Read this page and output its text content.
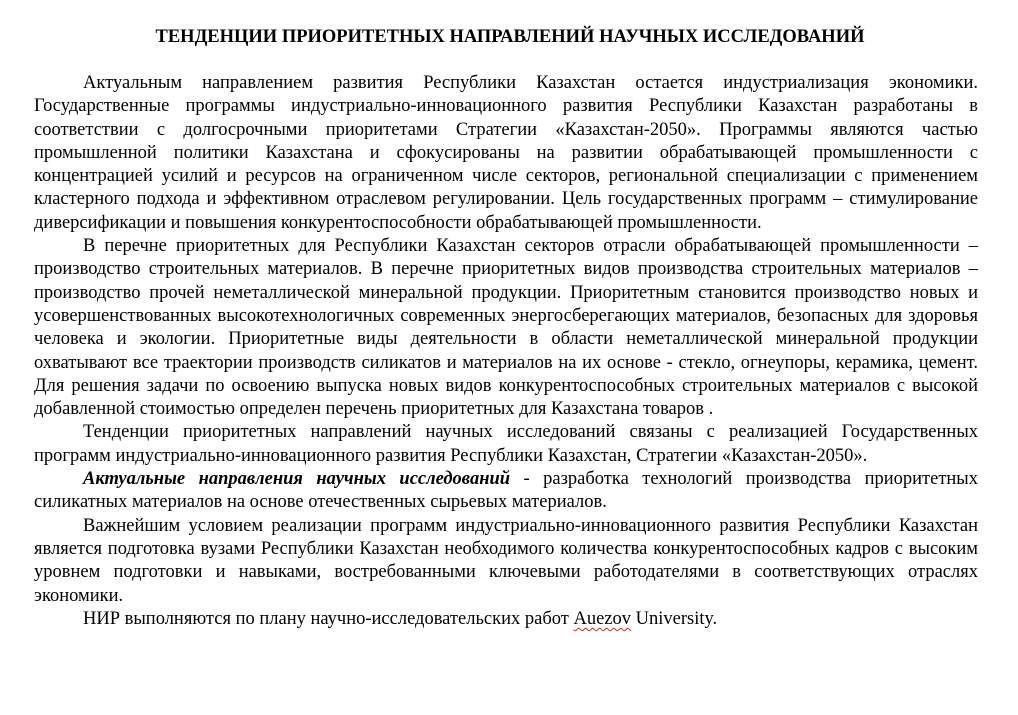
ТЕНДЕНЦИИ ПРИОРИТЕТНЫХ НАПРАВЛЕНИЙ НАУЧНЫХ ИССЛЕДОВАНИЙ

Актуальным направлением развития Республики Казахстан остается индустриализация экономики. Государственные программы индустриально-инновационного развития Республики Казахстан разработаны в соответствии с долгосрочными приоритетами Стратегии «Казахстан-2050». Программы являются частью промышленной политики Казахстана и сфокусированы на развитии обрабатывающей промышленности с концентрацией усилий и ресурсов на ограниченном числе секторов, региональной специализации с применением кластерного подхода и эффективном отраслевом регулировании. Цель государственных программ – стимулирование диверсификации и повышения конкурентоспособности обрабатывающей промышленности.

В перечне приоритетных для Республики Казахстан секторов отрасли обрабатывающей промышленности – производство строительных материалов. В перечне приоритетных видов производства строительных материалов – производство прочей неметаллической минеральной продукции. Приоритетным становится производство новых и усовершенствованных высокотехнологичных современных энергосберегающих материалов, безопасных для здоровья человека и экологии. Приоритетные виды деятельности в области неметаллической минеральной продукции охватывают все траектории производств силикатов и материалов на их основе - стекло, огнеупоры, керамика, цемент. Для решения задачи по освоению выпуска новых видов конкурентоспособных строительных материалов с высокой добавленной стоимостью определен перечень приоритетных для Казахстана товаров .

Тенденции приоритетных направлений научных исследований связаны с реализацией Государственных программ индустриально-инновационного развития Республики Казахстан, Стратегии «Казахстан-2050».

Актуальные направления научных исследований - разработка технологий производства приоритетных силикатных материалов на основе отечественных сырьевых материалов.

Важнейшим условием реализации программ индустриально-инновационного развития Республики Казахстан является подготовка вузами Республики Казахстан необходимого количества конкурентоспособных кадров с высоким уровнем подготовки и навыками, востребованными ключевыми работодателями в соответствующих отраслях экономики.

НИР выполняются по плану научно-исследовательских работ Auezov University.
